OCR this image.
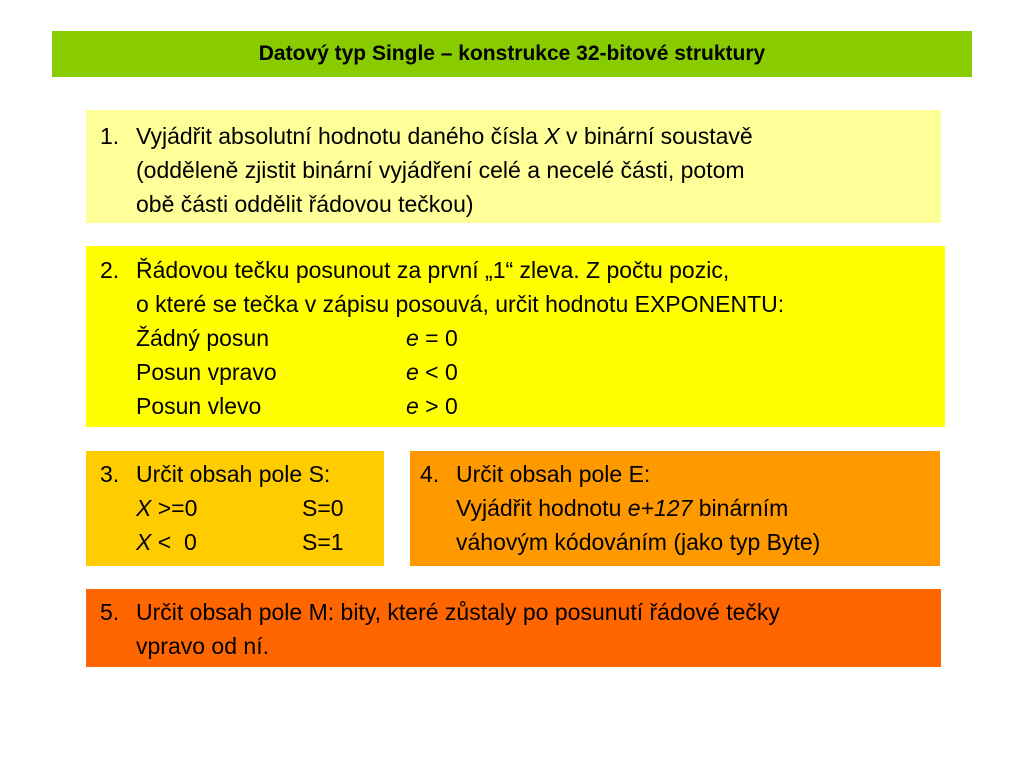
Datový typ Single – konstrukce 32-bitové struktury
1. Vyjádřit absolutní hodnotu daného čísla X v binární soustavě
(odděleně zjistit binární vyjádření celé a necelé části, potom
obě části oddělit řádovou tečkou)
2. Řádovou tečku posunout za první „1“ zleva. Z počtu pozic,
o které se tečka v zápisu posouvá, určit hodnotu EXPONENTU:
Žádný posun	e = 0
Posun vpravo	e < 0
Posun vlevo	e > 0
3. Určit obsah pole S:
X >=0	S=0
X <  0	S=1
4. Určit obsah pole E:
Vyjádřit hodnotu e+127 binárním
váhovým kódováním (jako typ Byte)
5. Určit obsah pole M: bity, které zůstaly po posunutí řádové tečky
vpravo od ní.
